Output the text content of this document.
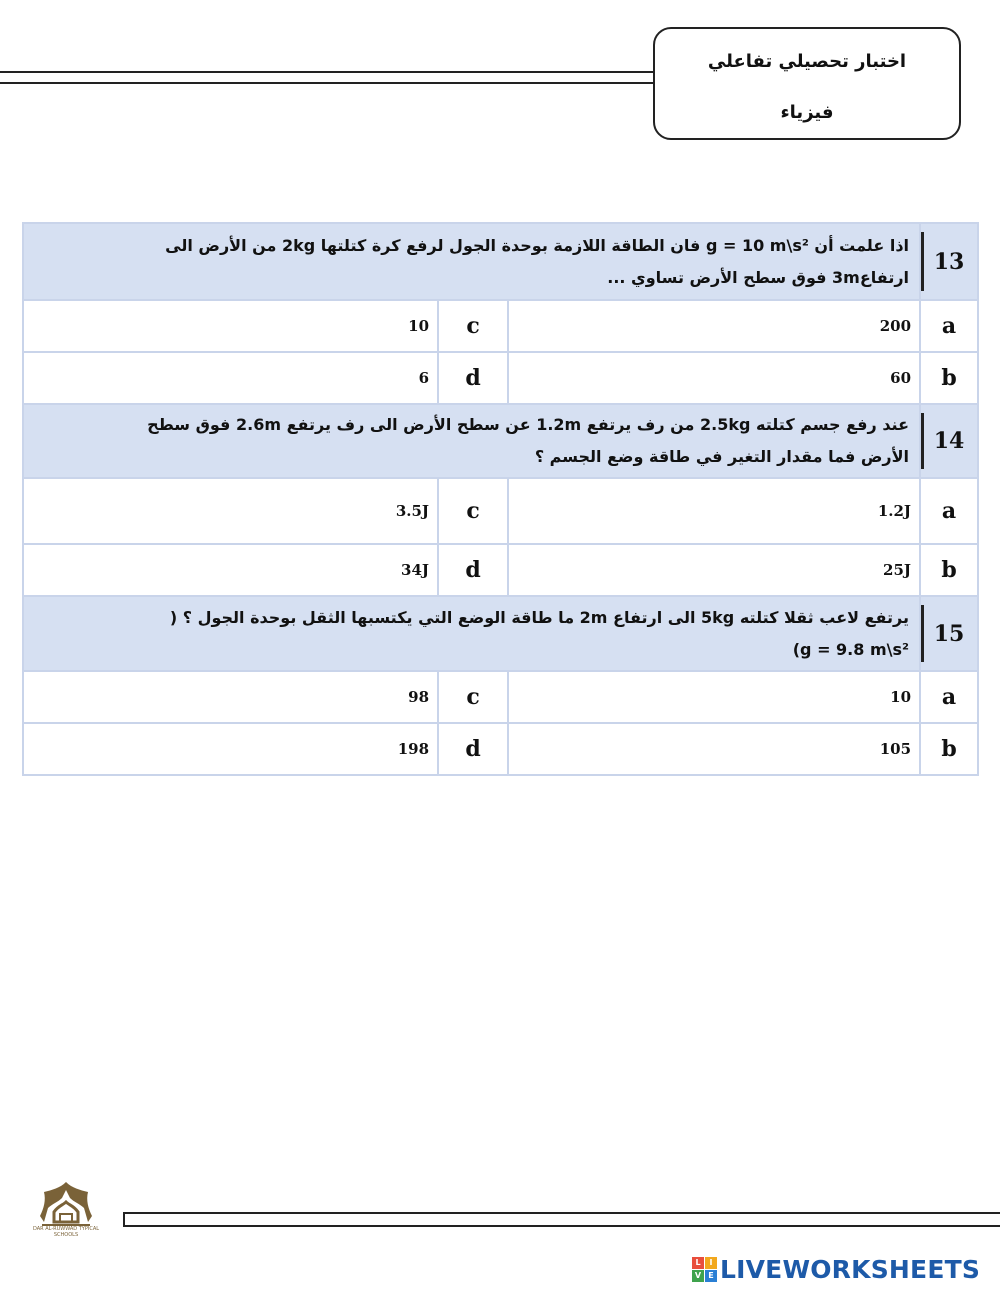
اختبار تحصيلي تفاعلي
فيزياء
13	اذا علمت أن g = 10 m\s² فان الطاقة اللازمة بوحدة الجول لرفع كرة كتلتها 2kg من الأرض الى
ارتفاع3m فوق سطح الأرض تساوي ...		

a	200	c	10
b	60	d	6
14	عند رفع جسم كتلته 2.5kg من رف يرتفع 1.2m عن سطح الأرض الى رف يرتفع 2.6m فوق سطح
الأرض فما مقدار التغير في طاقة وضع الجسم ؟		

a	1.2J	c	3.5J
b	25J	d	34J
15	يرتفع لاعب ثقلا كتلته 5kg الى ارتفاع 2m ما طاقة الوضع التي يكتسبها الثقل بوحدة الجول ؟ (
(g = 9.8 m\s²		

a	10	c	98
b	105	d	198
DAR AL-RUWWAD TYPICAL SCHOOLS
L	I
V E LIVEWORKSHEETS
